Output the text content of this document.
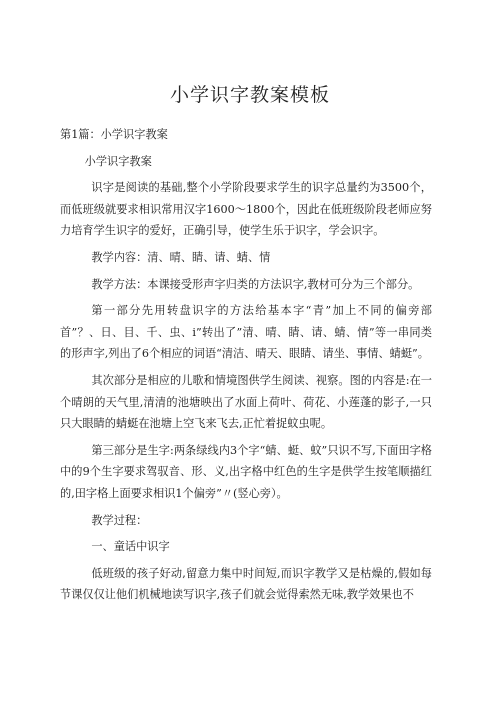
小学识字教案模板

第1篇：小学识字教案

小学识字教案

识字是阅读的基础,整个小学阶段要求学生的识字总量约为3500个，而低班级就要求相识常用汉字1600～1800个，因此在低班级阶段老师应努力培育学生识字的爱好，正确引导，使学生乐于识字，学会识字。

教学内容：清、晴、睛、请、蜻、情

教学方法：本课接受形声字归类的方法识字,教材可分为三个部分。

第一部分先用转盘识字的方法给基本字“青”加上不同的偏旁部首”？、日、目、千、虫、i”转出了”清、晴、睛、请、蜻、情”等一串同类的形声字,列出了6个相应的词语“清洁、晴天、眼睛、请坐、事情、蜻蜓”。

其次部分是相应的儿歌和情境图供学生阅读、视察。图的内容是:在一个晴朗的天气里,清清的池塘映出了水面上荷叶、荷花、小莲蓬的影子,一只只大眼睛的蜻蜓在池塘上空飞来飞去,正忙着捉蚊虫呢。

第三部分是生字:两条绿线内3个字“蜻、蜓、蚊”只识不写,下面田字格中的9个生字要求驾驭音、形、义,出字格中红色的生字是供学生按笔顺描红的,田字格上面要求相识1个偏旁”〃(竖心旁）。

教学过程：

一、童话中识字

低班级的孩子好动,留意力集中时间短,而识字教学又是枯燥的,假如每节课仅仅让他们机械地读写识字,孩子们就会觉得索然无味,教学效果也不
